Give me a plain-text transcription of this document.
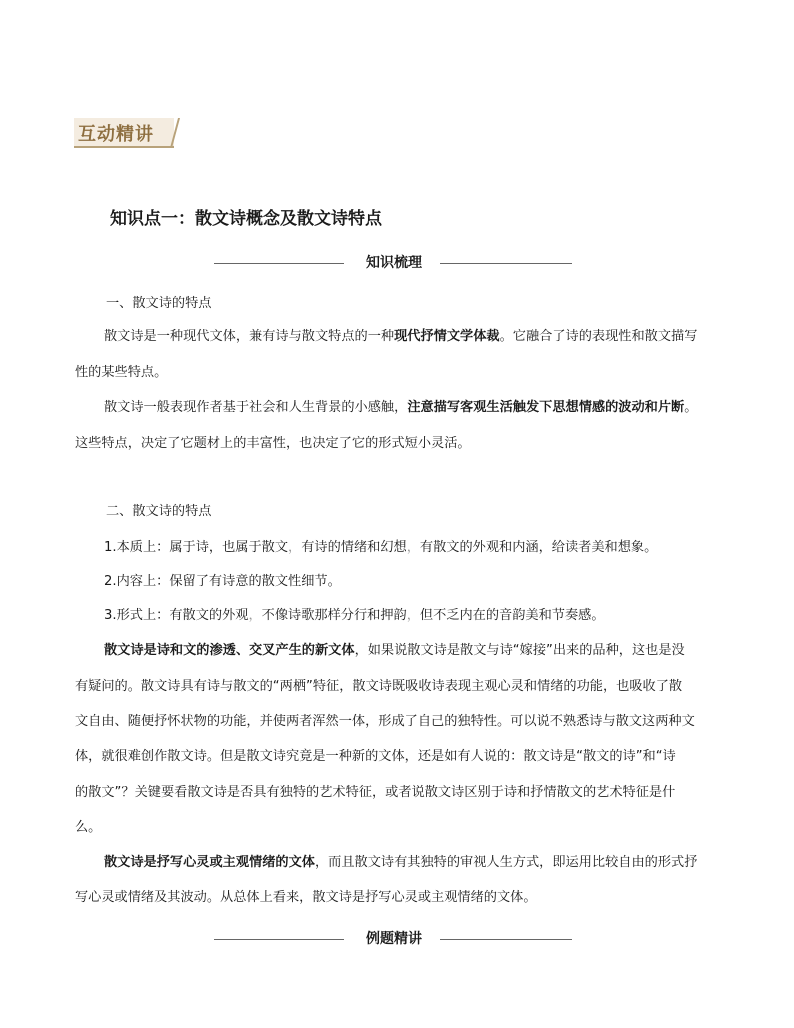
互动精讲
知识点一：散文诗概念及散文诗特点
知识梳理
一、散文诗的特点
散文诗是一种现代文体，兼有诗与散文特点的一种现代抒情文学体裁。它融合了诗的表现性和散文描写
性的某些特点。
散文诗一般表现作者基于社会和人生背景的小感触，注意描写客观生活触发下思想情感的波动和片断。
这些特点，决定了它题材上的丰富性，也决定了它的形式短小灵活。
二、散文诗的特点
1.本质上：属于诗，也属于散文，有诗的情绪和幻想，有散文的外观和内涵，给读者美和想象。
2.内容上：保留了有诗意的散文性细节。
3.形式上：有散文的外观，不像诗歌那样分行和押韵，但不乏内在的音韵美和节奏感。
散文诗是诗和文的渗透、交叉产生的新文体，如果说散文诗是散文与诗“嫁接”出来的品种，这也是没
有疑问的。散文诗具有诗与散文的“两栖”特征，散文诗既吸收诗表现主观心灵和情绪的功能，也吸收了散
文自由、随便抒怀状物的功能，并使两者浑然一体，形成了自己的独特性。可以说不熟悉诗与散文这两种文
体，就很难创作散文诗。但是散文诗究竟是一种新的文体，还是如有人说的：散文诗是“散文的诗”和“诗
的散文”？关键要看散文诗是否具有独特的艺术特征，或者说散文诗区别于诗和抒情散文的艺术特征是什
么。
散文诗是抒写心灵或主观情绪的文体，而且散文诗有其独特的审视人生方式，即运用比较自由的形式抒
写心灵或情绪及其波动。从总体上看来，散文诗是抒写心灵或主观情绪的文体。
例题精讲
